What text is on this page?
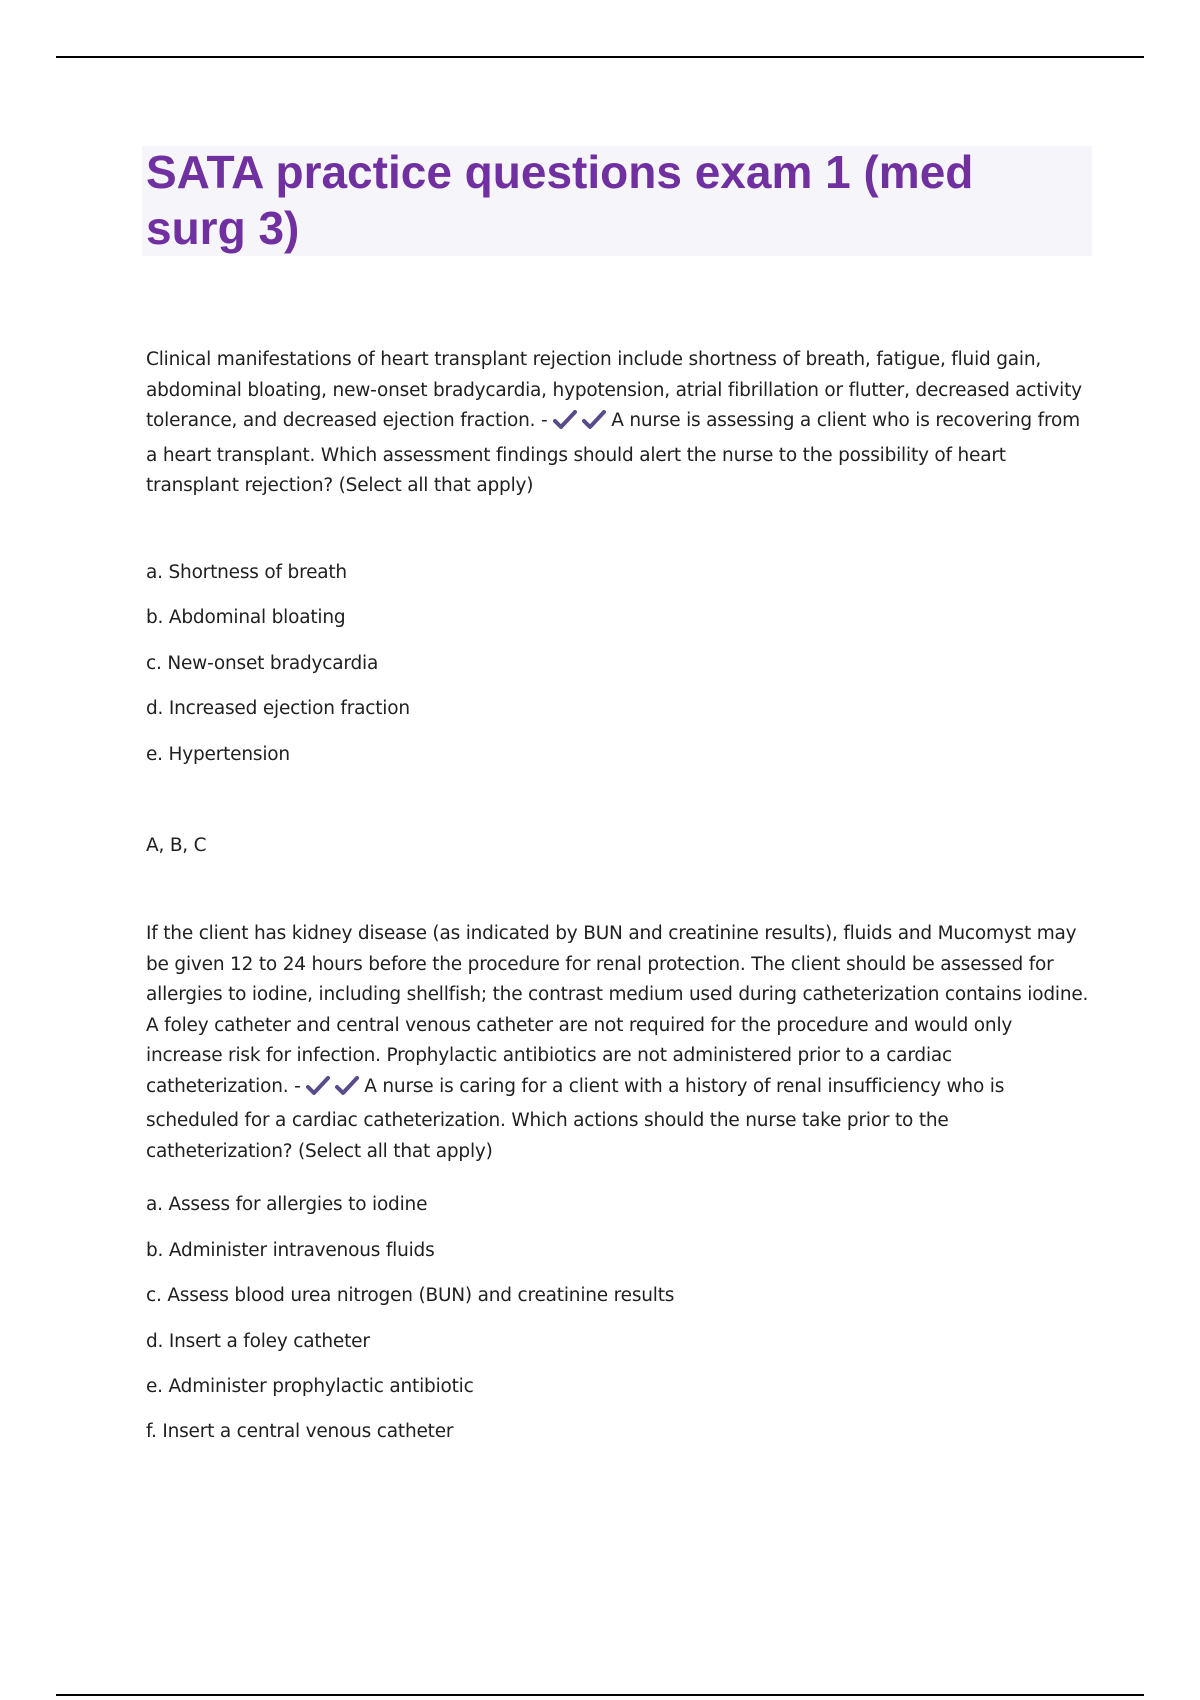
SATA practice questions exam 1 (med surg 3)

Clinical manifestations of heart transplant rejection include shortness of breath, fatigue, fluid gain, abdominal bloating, new-onset bradycardia, hypotension, atrial fibrillation or flutter, decreased activity tolerance, and decreased ejection fraction. -	A nurse is assessing a client who is recovering from a heart transplant. Which assessment findings should alert the nurse to the possibility of heart transplant rejection? (Select all that apply)

a. Shortness of breath
b. Abdominal bloating
c. New-onset bradycardia
d. Increased ejection fraction
e. Hypertension
A, B, C

If the client has kidney disease (as indicated by BUN and creatinine results), fluids and Mucomyst may be given 12 to 24 hours before the procedure for renal protection. The client should be assessed for allergies to iodine, including shellfish; the contrast medium used during catheterization contains iodine. A foley catheter and central venous catheter are not required for the procedure and would only increase risk for infection. Prophylactic antibiotics are not administered prior to a cardiac catheterization. -	A nurse is caring for a client with a history of renal insufficiency who is scheduled for a cardiac catheterization. Which actions should the nurse take prior to the catheterization? (Select all that apply)

a. Assess for allergies to iodine
b. Administer intravenous fluids
c. Assess blood urea nitrogen (BUN) and creatinine results
d. Insert a foley catheter
e. Administer prophylactic antibiotic
f. Insert a central venous catheter
